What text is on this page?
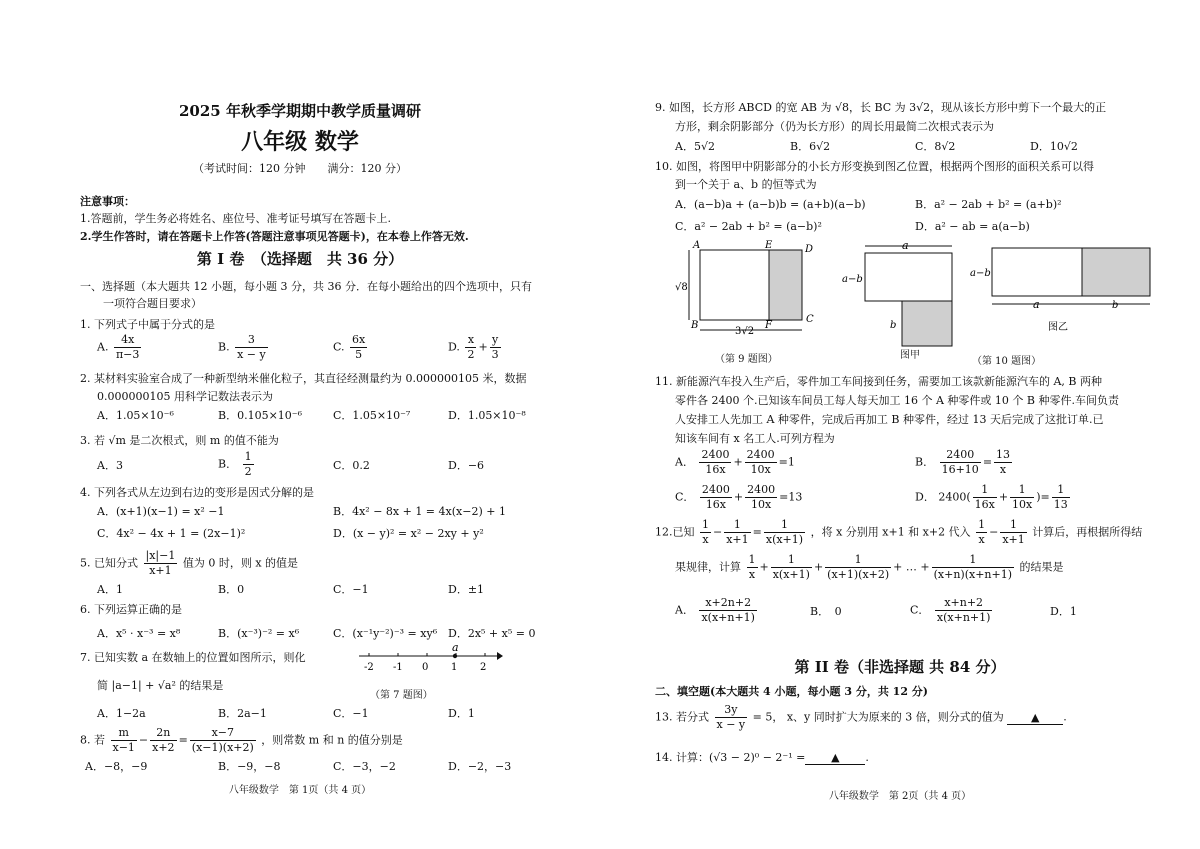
2025 年秋季学期期中教学质量调研
八年级 数学
（考试时间：120 分钟　　满分：120 分）
注意事项：
1.答题前，学生务必将姓名、座位号、准考证号填写在答题卡上.
2.学生作答时，请在答题卡上作答(答题注意事项见答题卡)，在本卷上作答无效.
第 I 卷　（选择题　共 36 分）
一、选择题（本大题共 12 小题，每小题 3 分，共 36 分．在每小题给出的四个选项中，只有
一项符合题目要求）
1. 下列式子中属于分式的是
A. $\frac{4x}{\pi-3}$	B. $\frac{3}{x - y}$	C. $\frac{6x}{5}$	D. $\frac{x}{2} + \frac{y}{3}$
2. 某材料实验室合成了一种新型纳米催化粒子，其直径经测量约为 0.000000105 米，数据
0.000000105 用科学记数法表示为
A．1.05×10⁻⁶	B．0.105×10⁻⁶	C．1.05×10⁻⁷	D．1.05×10⁻⁸
3. 若 √m 是二次根式，则 m 的值不能为
A．3	B． $\frac{1}{2}$	C．0.2	D．−6
4. 下列各式从左边到右边的变形是因式分解的是
A．(x+1)(x−1) = x² −1	B．4x² − 8x + 1 = 4x(x−2) + 1
C．4x² − 4x + 1 = (2x−1)²	D．(x − y)² = x² − 2xy + y²
5. 已知分式 $\frac{|x|-1}{x+1}$ 值为 0 时，则 x 的值是
A．1	B．0	C．−1	D．±1
6. 下列运算正确的是
A．x⁵ · x⁻³ = x⁸	B．(x⁻³)⁻² = x⁶	C．(x⁻¹y⁻²)⁻³ = xy⁶ D．2x⁵ + x⁵ = 0
7. 已知实数 a 在数轴上的位置如图所示，则化
简 |a−1| + √a² 的结果是
-2 -1 0 1 2
a
（第 7 题图）
A．1−2a	B．2a−1	C．−1	D．1
8. 若 $\frac{m}{x-1} - \frac{2n}{x+2} = \frac{x-7}{(x-1)(x+2)}$ ，则常数 m 和 n 的值分别是
A．−8，−9	B．−9，−8	C．−3，−2	D．−2，−3
八年级数学　第 1页（共 4 页）
9. 如图，长方形 ABCD 的宽 AB 为 √8，长 BC 为 3√2，现从该长方形中剪下一个最大的正
方形，剩余阴影部分（仍为长方形）的周长用最简二次根式表示为
A．5√2	B．6√2	C．8√2	D．10√2
10. 如图，将图甲中阴影部分的小长方形变换到图乙位置，根据两个图形的面积关系可以得
到一个关于 a、b 的恒等式为
A．(a−b)a + (a−b)b = (a+b)(a−b)	B．a² − 2ab + b² = (a+b)²
C．a² − 2ab + b² = (a−b)²	D．a² − ab = a(a−b)
A	E	D
B	F
C
√8
3√2
（第 9 题图）
a
a−b
b
a	b
a−b
图乙
图甲
（第 10 题图）
11. 新能源汽车投入生产后，零件加工车间接到任务，需要加工该款新能源汽车的 A, B 两种
零件各 2400 个.已知该车间员工每人每天加工 16 个 A 种零件或 10 个 B 种零件.车间负责
人安排工人先加工 A 种零件，完成后再加工 B 种零件，经过 13 天后完成了这批订单.已
知该车间有 x 名工人.可列方程为
A． $\frac{2400}{16x} + \frac{2400}{10x} =1$	B． $\frac{2400}{16+10} = \frac{13}{x}$
C． $\frac{2400}{16x} + \frac{2400}{10x} =13$	D． $2400( \frac{1}{16x} + \frac{1}{10x}$ )= $\frac{1}{13}$
12.已知 $\frac{1}{x} - \frac{1}{x+1} = \frac{1}{x(x+1)}$ ，将 x 分别用 x+1 和 x+2 代入 $\frac{1}{x} - \frac{1}{x+1}$ 计算后，再根据所得结
果规律，计算 $\frac{1}{x} + \frac{1}{x(x+1)} + \frac{1}{(x+1)(x+2)}$ + … + $\frac{1}{(x+n)(x+n+1)}$ 的结果是
A． $\frac{x+2n+2}{x(x+n+1)}$	B．　0	C． $\frac{x+n+2}{x(x+n+1)}$	D．1
第 II 卷（非选择题 共 84 分）
二、填空题(本大题共 4 小题，每小题 3 分，共 12 分)
13. 若分式 $\frac{3y}{x - y} = 5$， x、y 同时扩大为原来的 3 倍，则分式的值为 ▲ .
14. 计算：(√3 − 2)⁰ − 2⁻¹ = ▲ .
八年级数学　第 2页（共 4 页）
